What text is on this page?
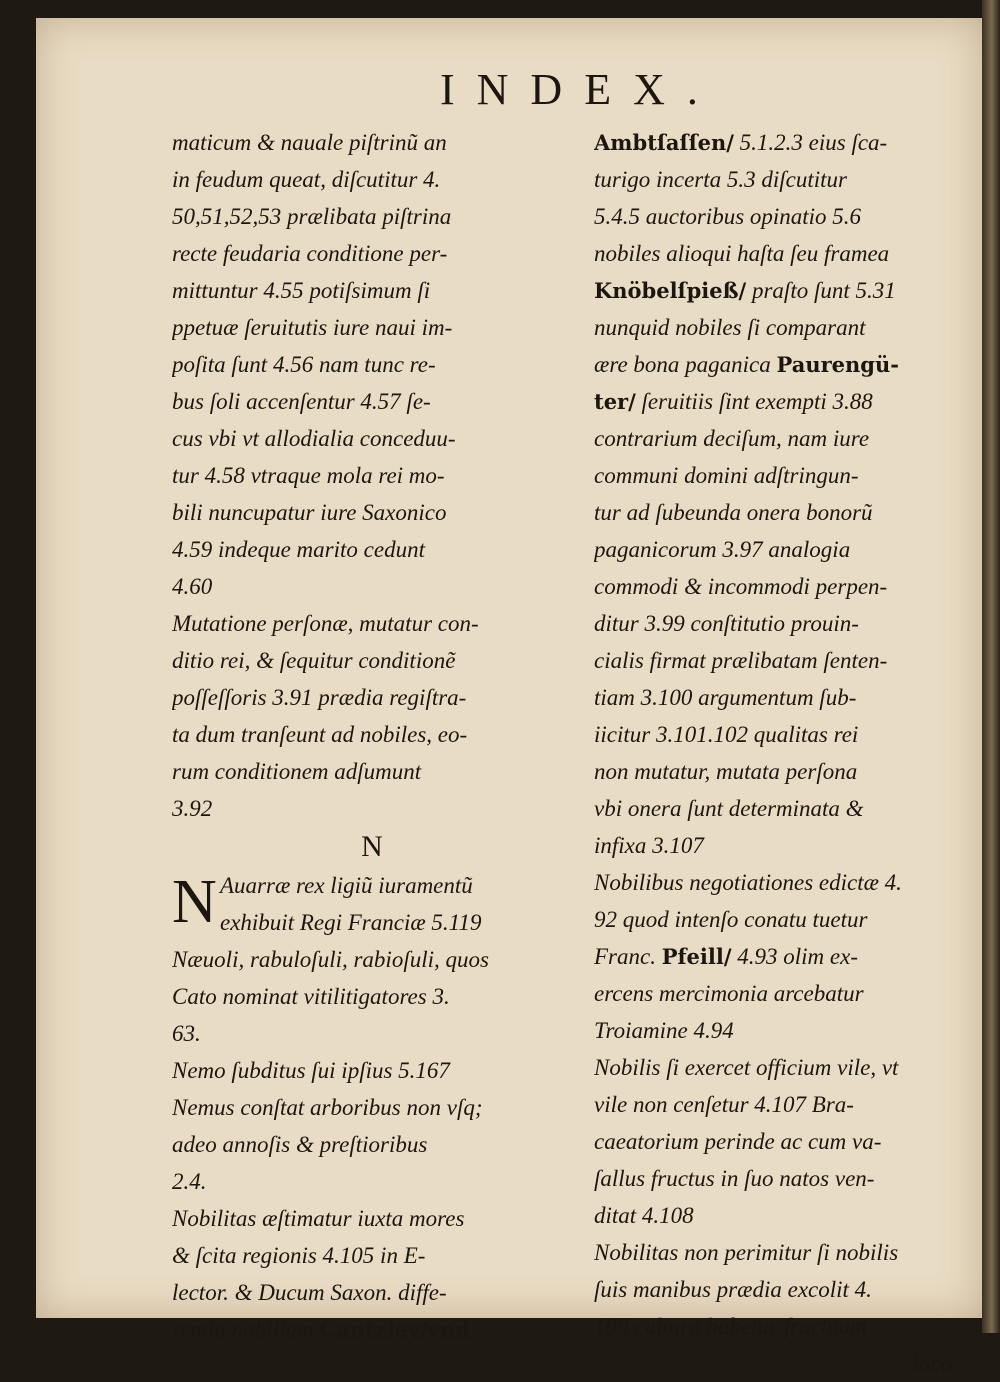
INDEX.
maticum & nauale piſtrinũ an
in feudum queat, diſcutitur 4.
50,51,52,53 prælibata piſtrina
recte feudaria conditione per-
mittuntur 4.55 potiſsimum ſi
ppetuæ ſeruitutis iure naui im-
poſita ſunt 4.56 nam tunc re-
bus ſoli accenſentur 4.57 ſe-
cus vbi vt allodialia conceduu-
tur 4.58 vtraque mola rei mo-
bili nuncupatur iure Saxonico
4.59 indeque marito cedunt
4.60
Mutatione perſonæ, mutatur con-
ditio rei, & ſequitur conditionẽ
poſſeſſoris 3.91 prædia regiſtra-
ta dum tranſeunt ad nobiles, eo-
rum conditionem adſumunt
3.92
N
N Auarræ rex ligiũ iuramentũ
exhibuit Regi Franciæ 5.119
Næuoli, rabuloſuli, rabioſuli, quos
Cato nominat vitilitigatores 3.
63.
Nemo ſubditus ſui ipſius 5.167
Nemus conſtat arboribus non vſq;
adeo annoſis & preſtioribus
2.4.
Nobilitas æſtimatur iuxta mores
& ſcita regionis 4.105 in E-
lector. & Ducum Saxon. diffe-
rentia nobilium Cantzley/vnd
Ambtſaſſen/ 5.1.2.3 eius ſca-
turigo incerta 5.3 diſcutitur
5.4.5 auctoribus opinatio 5.6
nobiles alioqui haſta ſeu framea
Knöbelſpieß/ praſto ſunt 5.31
nunquid nobiles ſi comparant
ære bona paganica Paurengü-
ter/ ſeruitiis ſint exempti 3.88
contrarium deciſum, nam iure
communi domini adſtringun-
tur ad ſubeunda onera bonorũ
paganicorum 3.97 analogia
commodi & incommodi perpen-
ditur 3.99 conſtitutio prouin-
cialis firmat prælibatam ſenten-
tiam 3.100 argumentum ſub-
iicitur 3.101.102 qualitas rei
non mutatur, mutata perſona
vbi onera ſunt determinata &
infixa 3.107
Nobilibus negotiationes edictæ 4.
92 quod intenſo conatu tuetur
Franc. Pfeill/ 4.93 olim ex-
ercens mercimonia arcebatur
Troiamine 4.94
Nobilis ſi exercet officium vile, vt
vile non cenſetur 4.107 Bra-
caeatorium perinde ac cum va-
ſallus fructus in ſuo natos ven-
ditat 4.108
Nobilitas non perimitur ſi nobilis
ſuis manibus prædia excolit 4.
109 cultura habetur fructuum
loco
